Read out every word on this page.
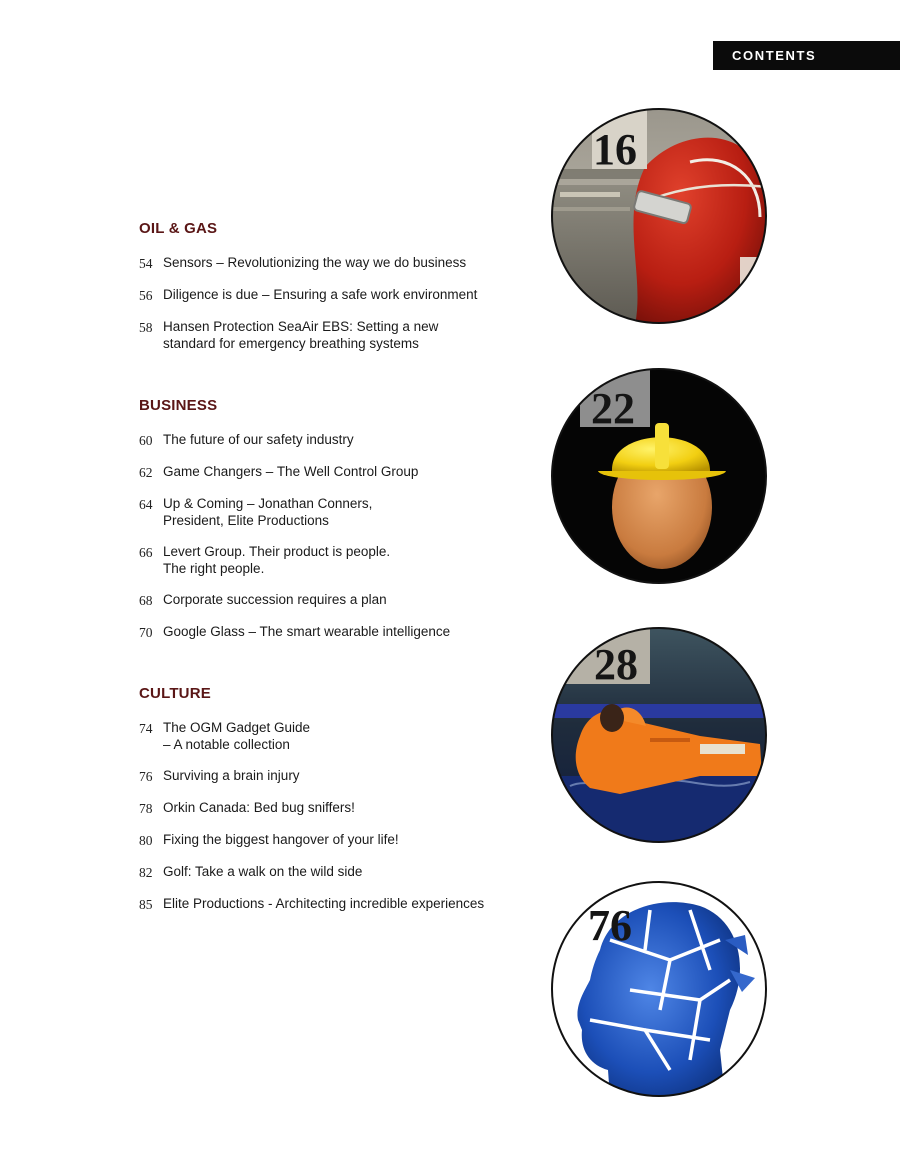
CONTENTS
OIL & GAS
54 Sensors – Revolutionizing the way we do business
56 Diligence is due – Ensuring a safe work environment
58 Hansen Protection SeaAir EBS: Setting a new
standard for emergency breathing systems
BUSINESS
60 The future of our safety industry
62 Game Changers – The Well Control Group
64 Up & Coming – Jonathan Conners,
President, Elite Productions
66 Levert Group. Their product is people.
The right people.
68 Corporate succession requires a plan
70 Google Glass – The smart wearable intelligence
CULTURE
74 The OGM Gadget Guide
– A notable collection
76 Surviving a brain injury
78 Orkin Canada: Bed bug sniffers!
80 Fixing the biggest hangover of your life!
82 Golf: Take a walk on the wild side
85 Elite Productions - Architecting incredible experiences
16
22
28
76
